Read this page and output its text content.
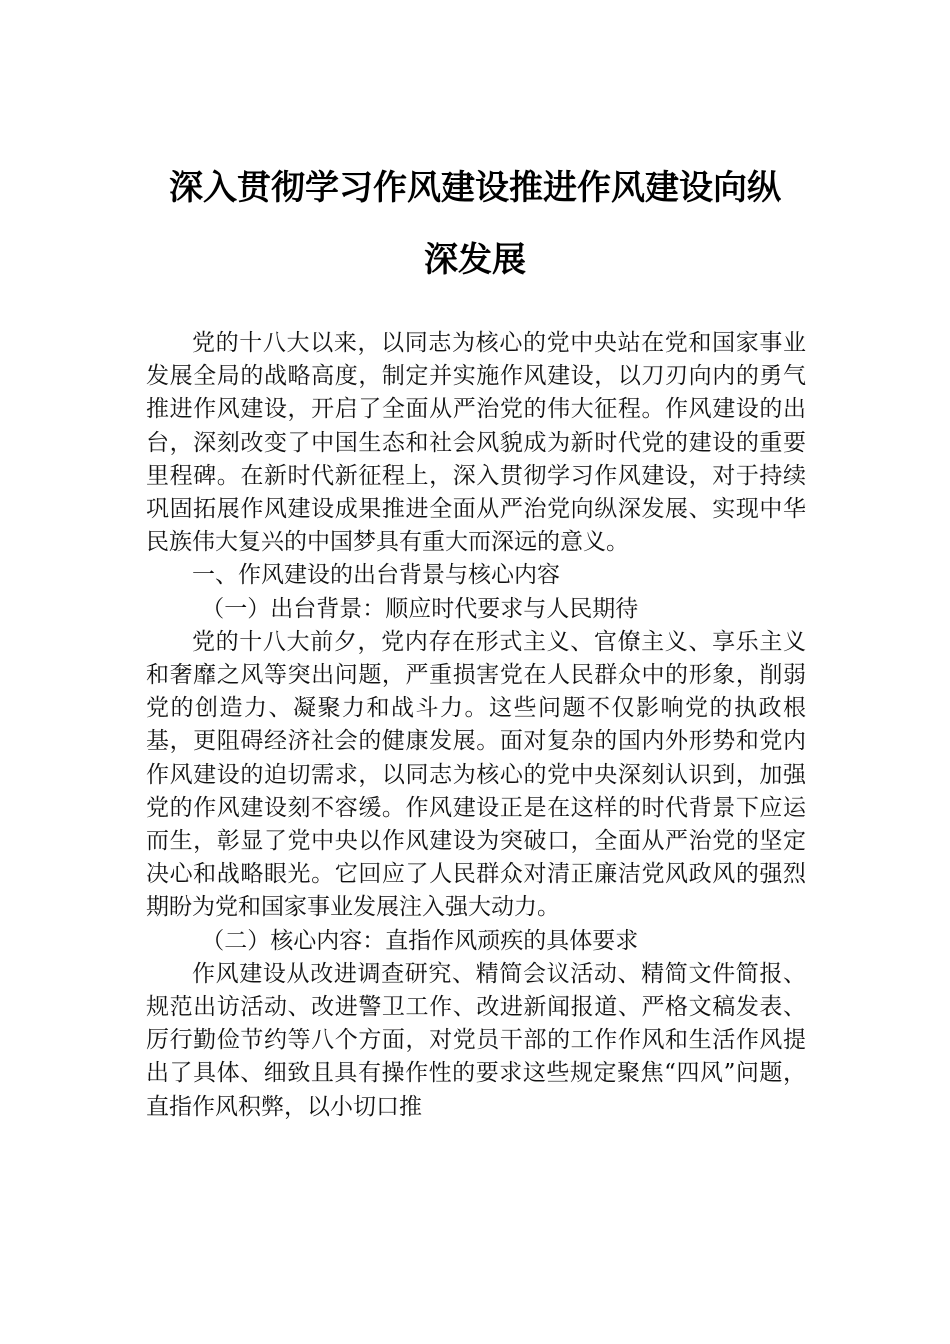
深入贯彻学习作风建设推进作风建设向纵
深发展

党的十八大以来，以同志为核心的党中央站在党和国家事业发展全局的战略高度，制定并实施作风建设，以刀刃向内的勇气推进作风建设，开启了全面从严治党的伟大征程。作风建设的出台，深刻改变了中国生态和社会风貌成为新时代党的建设的重要里程碑。在新时代新征程上，深入贯彻学习作风建设，对于持续巩固拓展作风建设成果推进全面从严治党向纵深发展、实现中华民族伟大复兴的中国梦具有重大而深远的意义。

一、作风建设的出台背景与核心内容
（一）出台背景：顺应时代要求与人民期待

党的十八大前夕，党内存在形式主义、官僚主义、享乐主义和奢靡之风等突出问题，严重损害党在人民群众中的形象，削弱党的创造力、凝聚力和战斗力。这些问题不仅影响党的执政根基，更阻碍经济社会的健康发展。面对复杂的国内外形势和党内作风建设的迫切需求，以同志为核心的党中央深刻认识到，加强党的作风建设刻不容缓。作风建设正是在这样的时代背景下应运而生，彰显了党中央以作风建设为突破口，全面从严治党的坚定决心和战略眼光。它回应了人民群众对清正廉洁党风政风的强烈期盼为党和国家事业发展注入强大动力。

（二）核心内容：直指作风顽疾的具体要求

作风建设从改进调查研究、精简会议活动、精简文件简报、规范出访活动、改进警卫工作、改进新闻报道、严格文稿发表、厉行勤俭节约等八个方面，对党员干部的工作作风和生活作风提出了具体、细致且具有操作性的要求这些规定聚焦“四风”问题，直指作风积弊，以小切口推
